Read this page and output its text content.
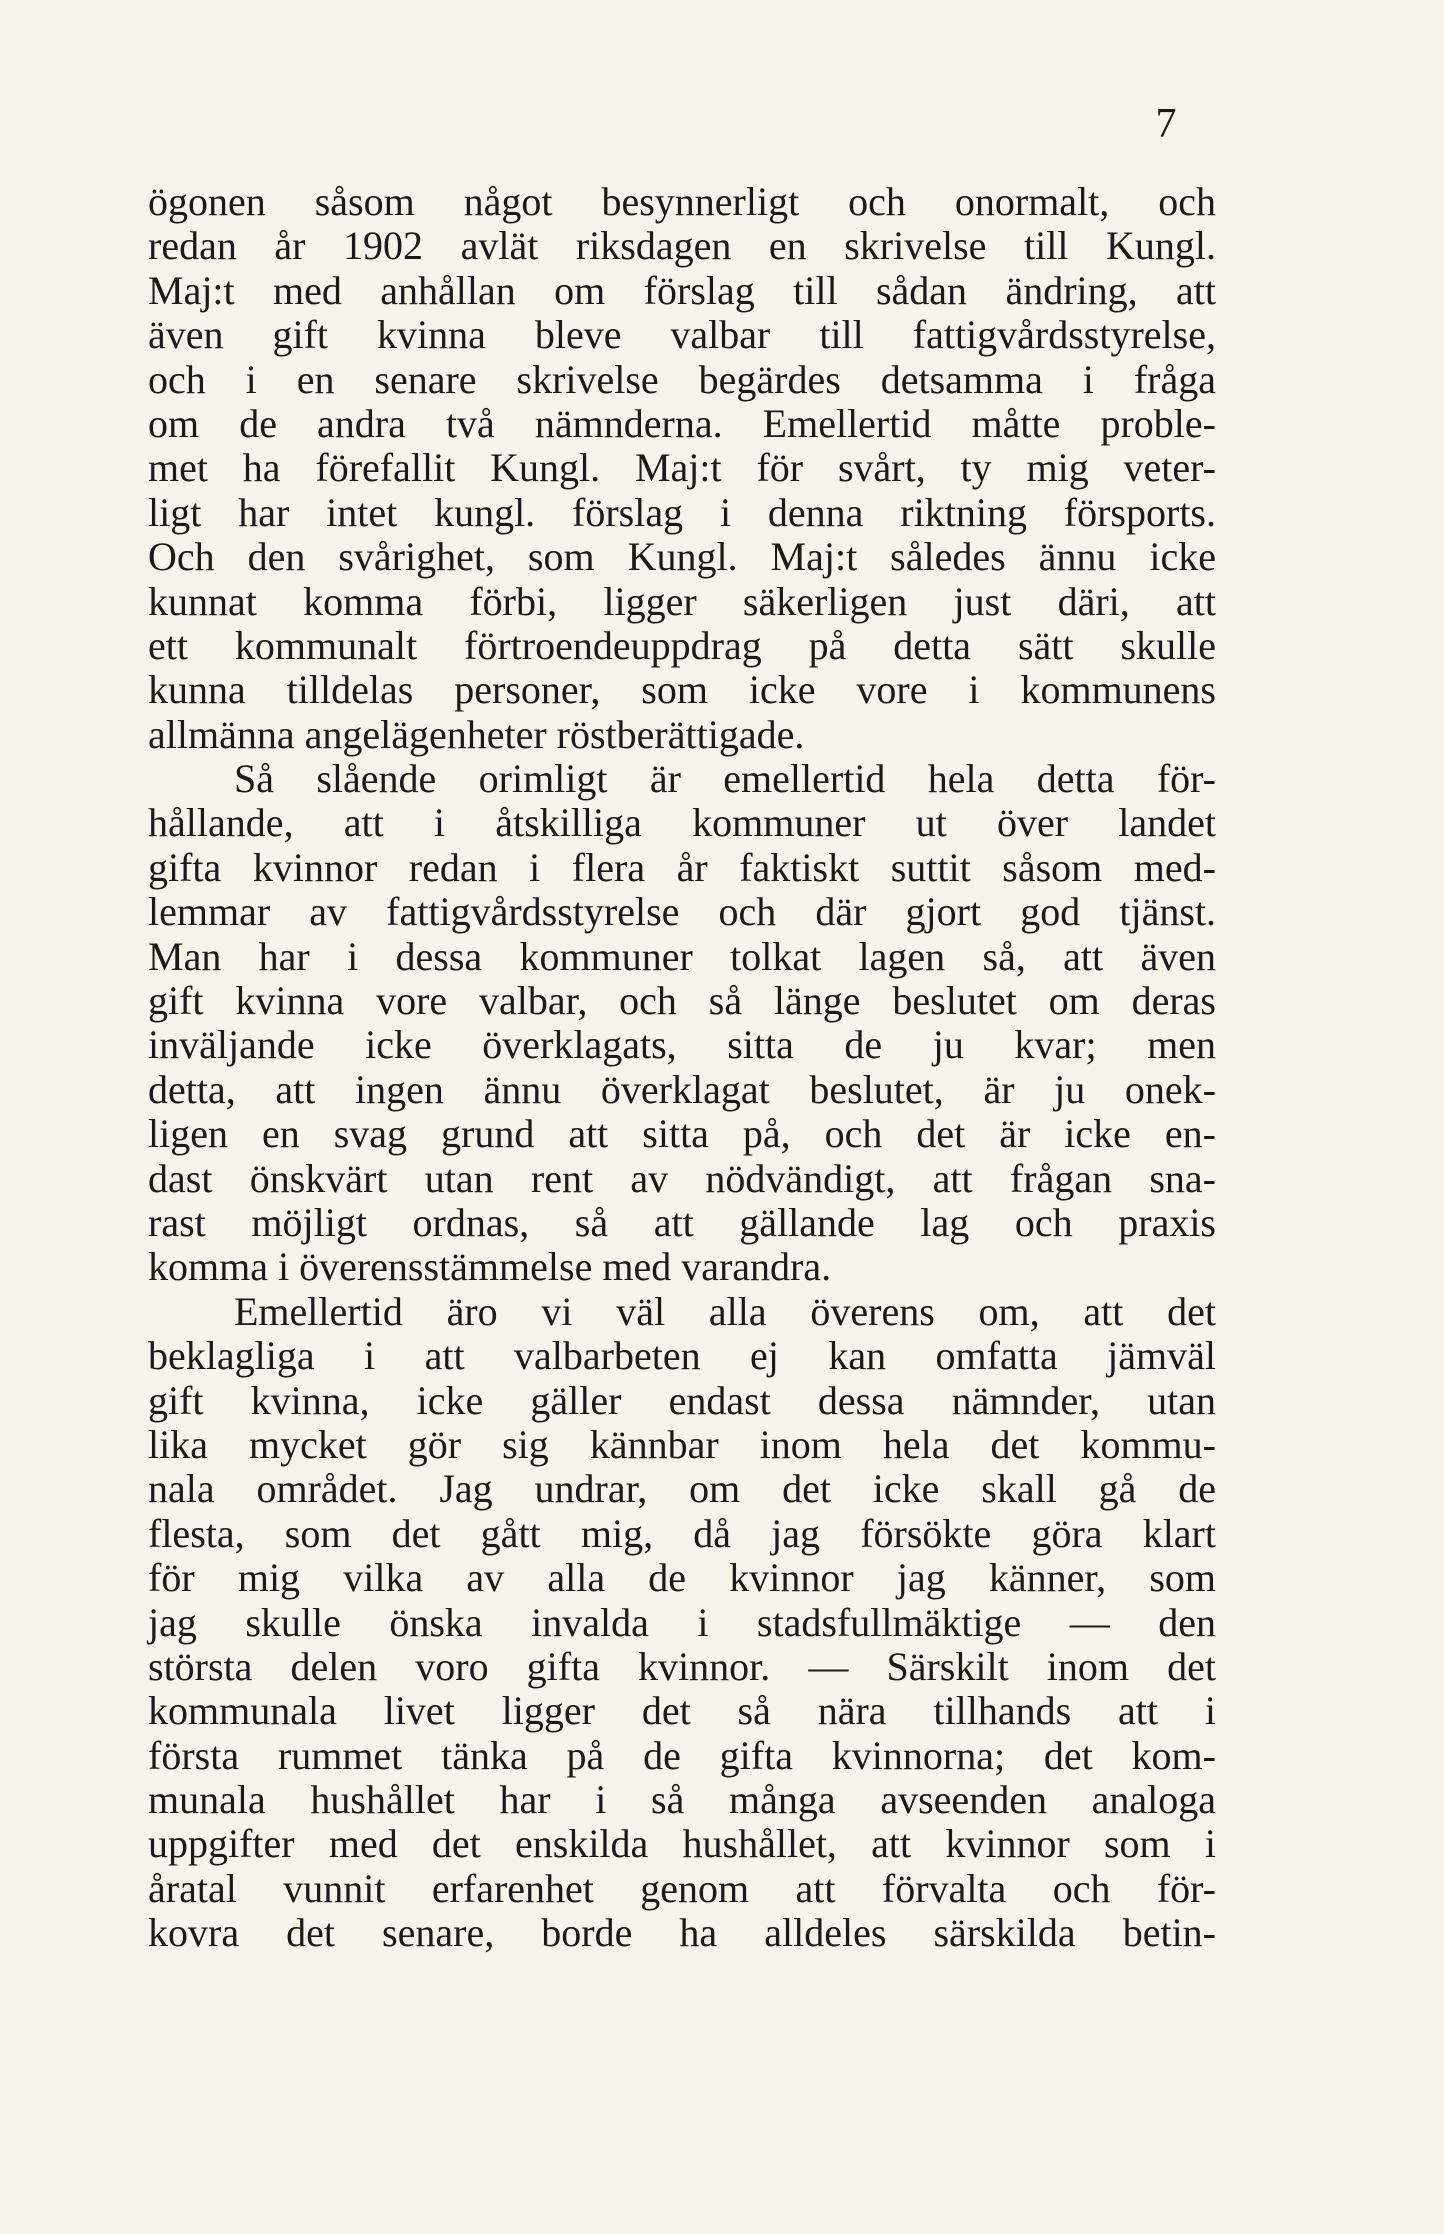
7
ögonen såsom något besynnerligt och onormalt, och
redan år 1902 avlät riksdagen en skrivelse till Kungl.
Maj:t med anhållan om förslag till sådan ändring, att
även gift kvinna bleve valbar till fattigvårdsstyrelse,
och i en senare skrivelse begärdes detsamma i fråga
om de andra två nämnderna. Emellertid måtte proble-
met ha förefallit Kungl. Maj:t för svårt, ty mig veter-
ligt har intet kungl. förslag i denna riktning försports.
Och den svårighet, som Kungl. Maj:t således ännu icke
kunnat komma förbi, ligger säkerligen just däri, att
ett kommunalt förtroendeuppdrag på detta sätt skulle
kunna tilldelas personer, som icke vore i kommunens
allmänna angelägenheter röstberättigade.
Så slående orimligt är emellertid hela detta för-
hållande, att i åtskilliga kommuner ut över landet
gifta kvinnor redan i flera år faktiskt suttit såsom med-
lemmar av fattigvårdsstyrelse och där gjort god tjänst.
Man har i dessa kommuner tolkat lagen så, att även
gift kvinna vore valbar, och så länge beslutet om deras
inväljande icke överklagats, sitta de ju kvar; men
detta, att ingen ännu överklagat beslutet, är ju onek-
ligen en svag grund att sitta på, och det är icke en-
dast önskvärt utan rent av nödvändigt, att frågan sna-
rast möjligt ordnas, så att gällande lag och praxis
komma i överensstämmelse med varandra.
Emellertid äro vi väl alla överens om, att det
beklagliga i att valbarbeten ej kan omfatta jämväl
gift kvinna, icke gäller endast dessa nämnder, utan
lika mycket gör sig kännbar inom hela det kommu-
nala området. Jag undrar, om det icke skall gå de
flesta, som det gått mig, då jag försökte göra klart
för mig vilka av alla de kvinnor jag känner, som
jag skulle önska invalda i stadsfullmäktige — den
största delen voro gifta kvinnor. — Särskilt inom det
kommunala livet ligger det så nära tillhands att i
första rummet tänka på de gifta kvinnorna; det kom-
munala hushållet har i så många avseenden analoga
uppgifter med det enskilda hushållet, att kvinnor som i
åratal vunnit erfarenhet genom att förvalta och för-
kovra det senare, borde ha alldeles särskilda betin-
